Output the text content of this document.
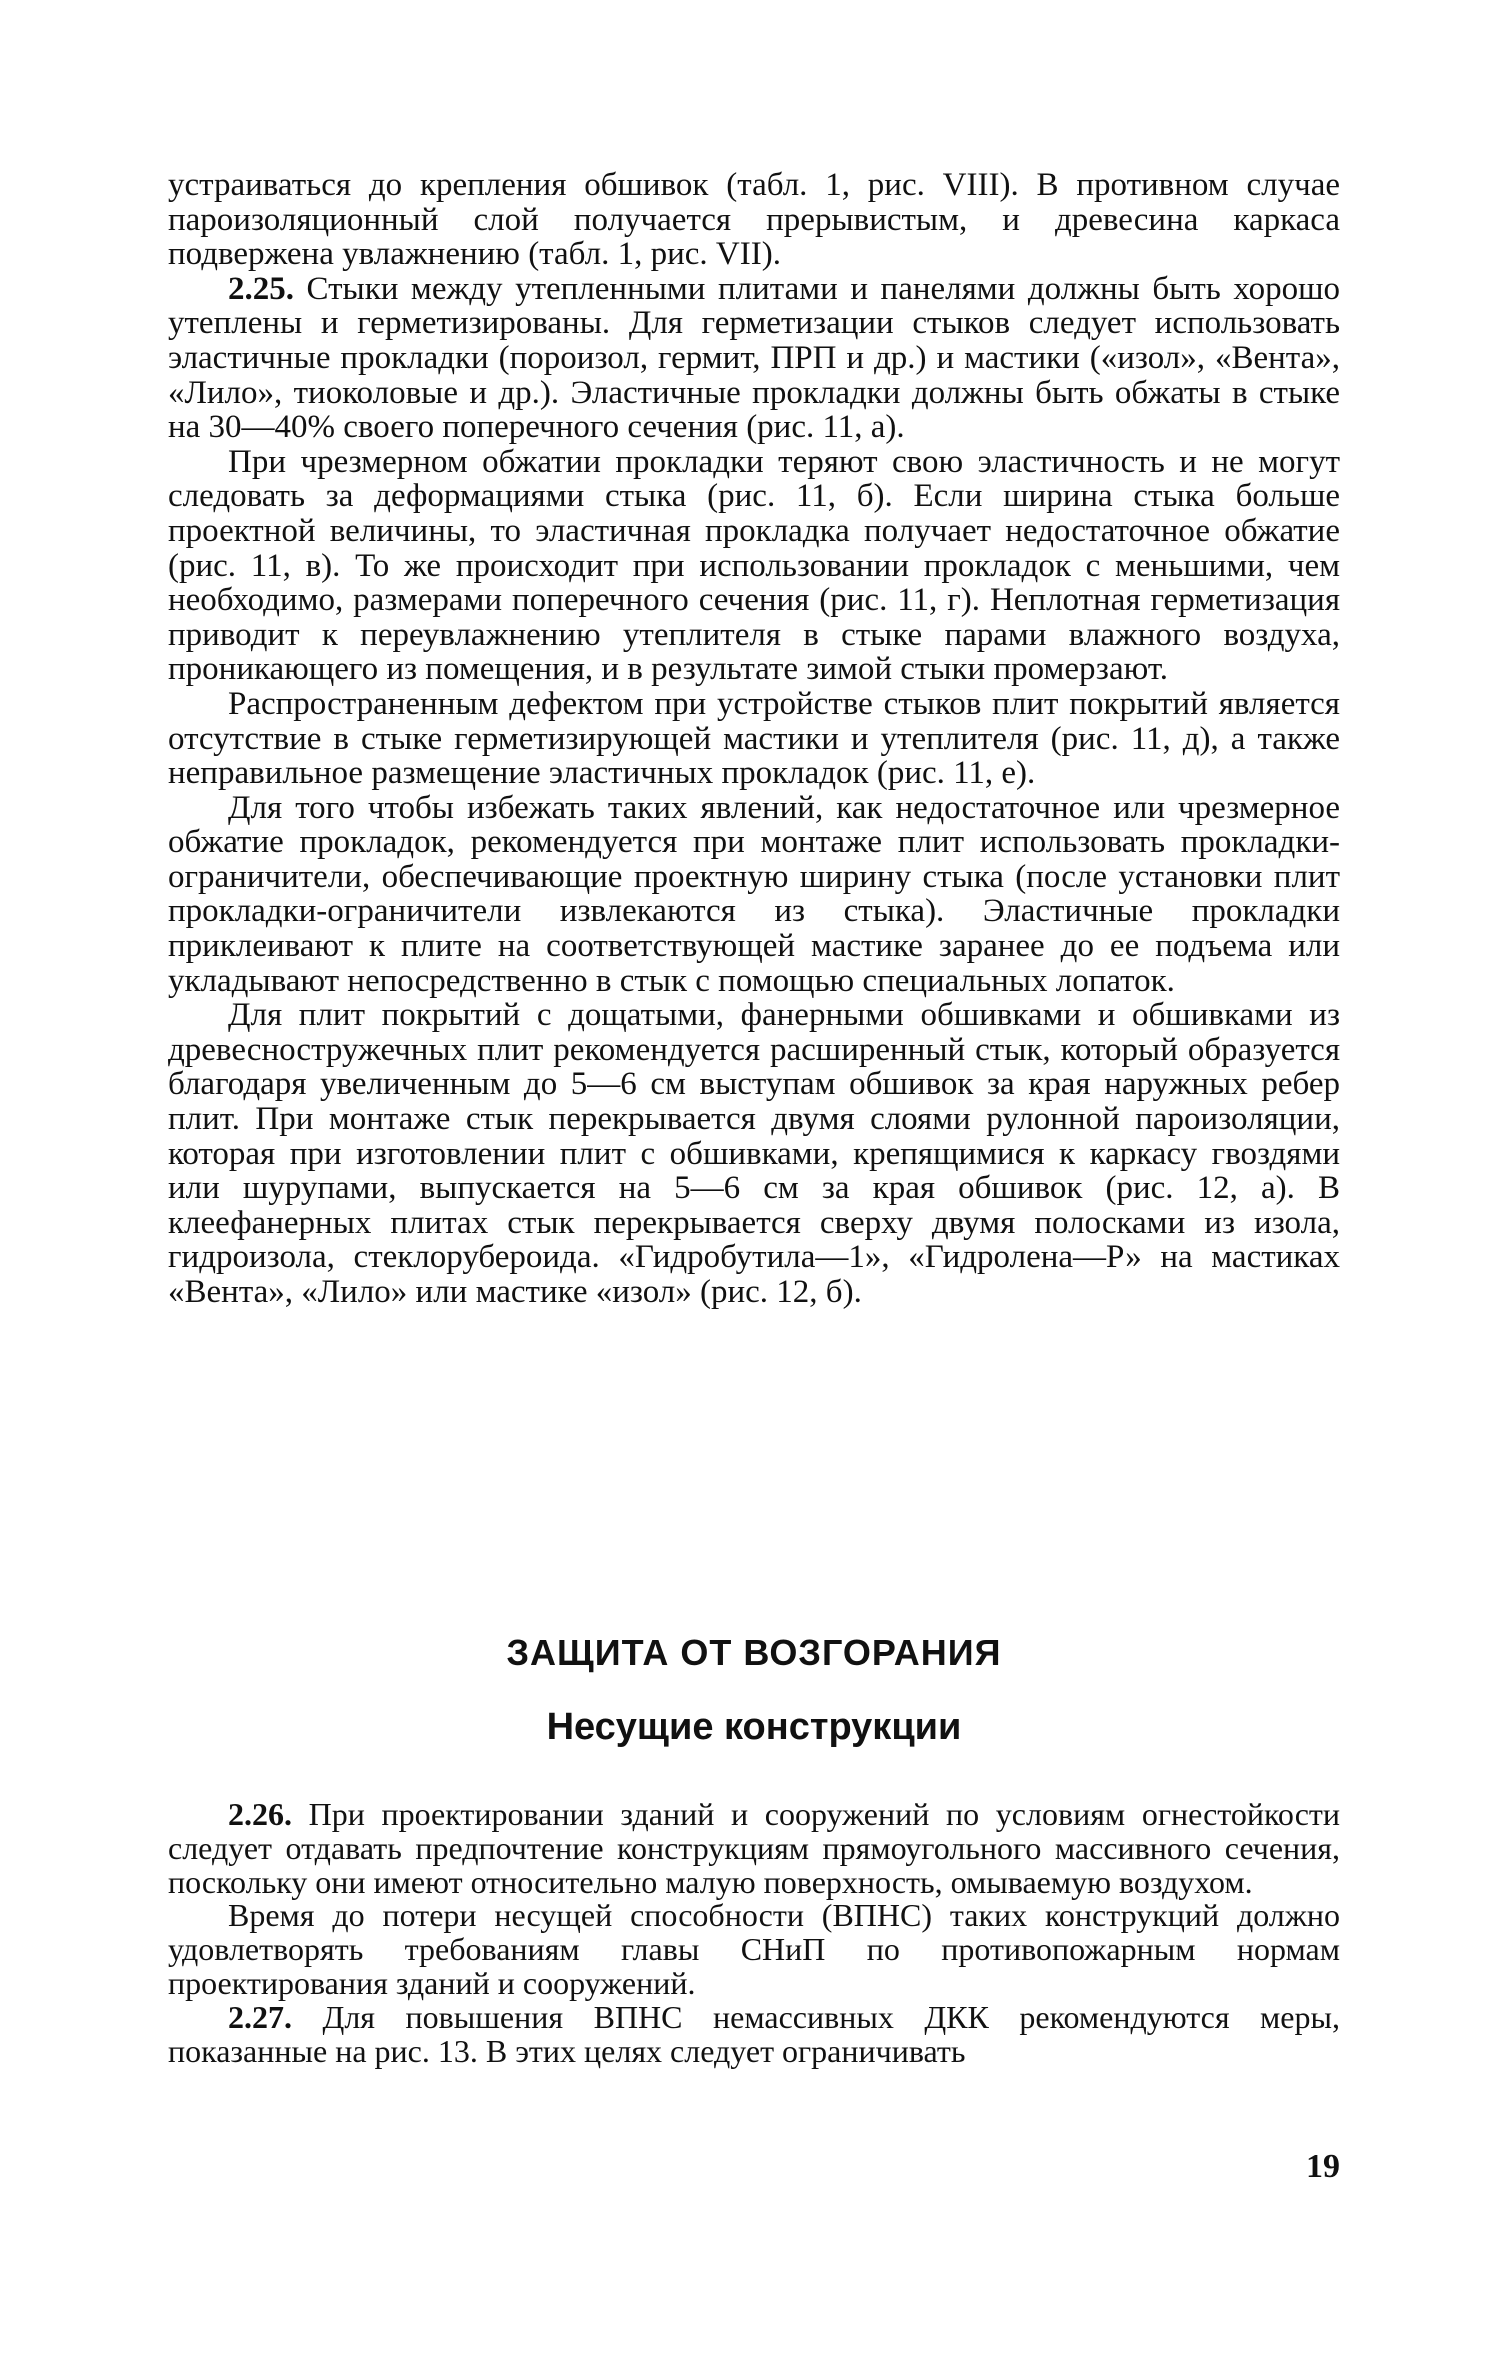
устраиваться до крепления обшивок (табл. 1, рис. VIII). В противном случае пароизоляционный слой получается прерывистым, и древесина каркаса подвержена увлажнению (табл. 1, рис. VII).

2.25. Стыки между утепленными плитами и панелями должны быть хорошо утеплены и герметизированы. Для герметизации стыков следует использовать эластичные прокладки (пороизол, гермит, ПРП и др.) и мастики («изол», «Вента», «Лило», тиоколовые и др.). Эластичные прокладки должны быть обжаты в стыке на 30—40% своего поперечного сечения (рис. 11, а).

При чрезмерном обжатии прокладки теряют свою эластичность и не могут следовать за деформациями стыка (рис. 11, б). Если ширина стыка больше проектной величины, то эластичная прокладка получает недостаточное обжатие (рис. 11, в). То же происходит при использовании прокладок с меньшими, чем необходимо, размерами поперечного сечения (рис. 11, г). Неплотная герметизация приводит к переувлажнению утеплителя в стыке парами влажного воздуха, проникающего из помещения, и в результате зимой стыки промерзают.

Распространенным дефектом при устройстве стыков плит покрытий является отсутствие в стыке герметизирующей мастики и утеплителя (рис. 11, д), а также неправильное размещение эластичных прокладок (рис. 11, е).

Для того чтобы избежать таких явлений, как недостаточное или чрезмерное обжатие прокладок, рекомендуется при монтаже плит использовать прокладки-ограничители, обеспечивающие проектную ширину стыка (после установки плит прокладки-ограничители извлекаются из стыка). Эластичные прокладки приклеивают к плите на соответствующей мастике заранее до ее подъема или укладывают непосредственно в стык с помощью специальных лопаток.

Для плит покрытий с дощатыми, фанерными обшивками и обшивками из древесностружечных плит рекомендуется расширенный стык, который образуется благодаря увеличенным до 5—6 см выступам обшивок за края наружных ребер плит. При монтаже стык перекрывается двумя слоями рулонной пароизоляции, которая при изготовлении плит с обшивками, крепящимися к каркасу гвоздями или шурупами, выпускается на 5—6 см за края обшивок (рис. 12, а). В клеефанерных плитах стык перекрывается сверху двумя полосками из изола, гидроизола, стеклорубероида. «Гидробутила—1», «Гидролена—Р» на мастиках «Вента», «Лило» или мастике «изол» (рис. 12, б).

ЗАЩИТА ОТ ВОЗГОРАНИЯ
Несущие конструкции

2.26. При проектировании зданий и сооружений по условиям огнестойкости следует отдавать предпочтение конструкциям прямоугольного массивного сечения, поскольку они имеют относительно малую поверхность, омываемую воздухом.

Время до потери несущей способности (ВПНС) таких конструкций должно удовлетворять требованиям главы СНиП по противопожарным нормам проектирования зданий и сооружений.

2.27. Для повышения ВПНС немассивных ДКК рекомендуются меры, показанные на рис. 13. В этих целях следует ограничивать

19
